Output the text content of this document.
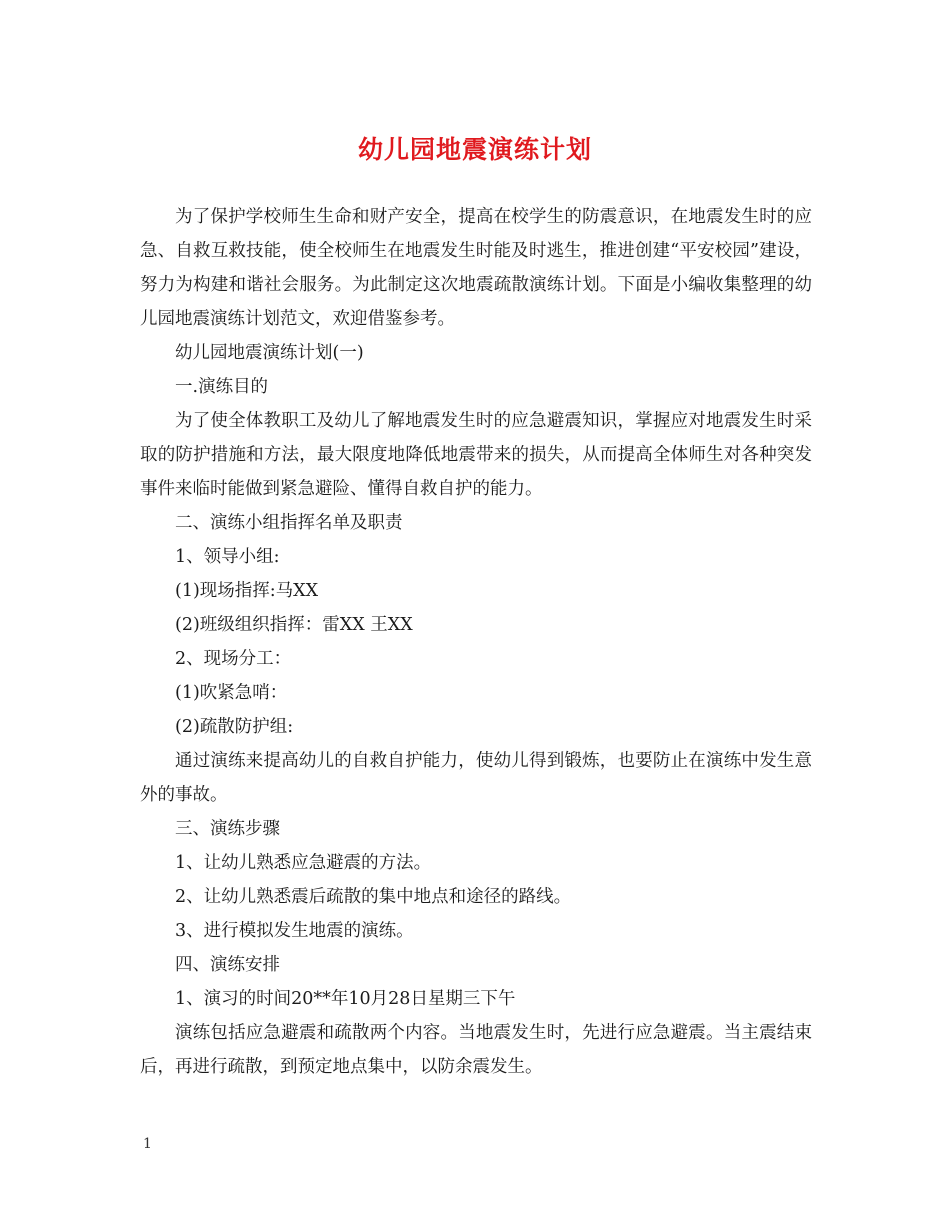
幼儿园地震演练计划

为了保护学校师生生命和财产安全，提高在校学生的防震意识，在地震发生时的应急、自救互救技能，使全校师生在地震发生时能及时逃生，推进创建“平安校园”建设，努力为构建和谐社会服务。为此制定这次地震疏散演练计划。下面是小编收集整理的幼儿园地震演练计划范文，欢迎借鉴参考。

幼儿园地震演练计划(一)

一.演练目的

为了使全体教职工及幼儿了解地震发生时的应急避震知识，掌握应对地震发生时采取的防护措施和方法，最大限度地降低地震带来的损失，从而提高全体师生对各种突发事件来临时能做到紧急避险、懂得自救自护的能力。

二、演练小组指挥名单及职责

1、领导小组:

(1)现场指挥:马XX

(2)班级组织指挥：雷XX 王XX

2、现场分工：

(1)吹紧急哨：

(2)疏散防护组:

通过演练来提高幼儿的自救自护能力，使幼儿得到锻炼，也要防止在演练中发生意外的事故。

三、演练步骤

1、让幼儿熟悉应急避震的方法。

2、让幼儿熟悉震后疏散的集中地点和途径的路线。

3、进行模拟发生地震的演练。

四、演练安排

1、演习的时间20**年10月28日星期三下午

演练包括应急避震和疏散两个内容。当地震发生时，先进行应急避震。当主震结束后，再进行疏散，到预定地点集中，以防余震发生。

1
